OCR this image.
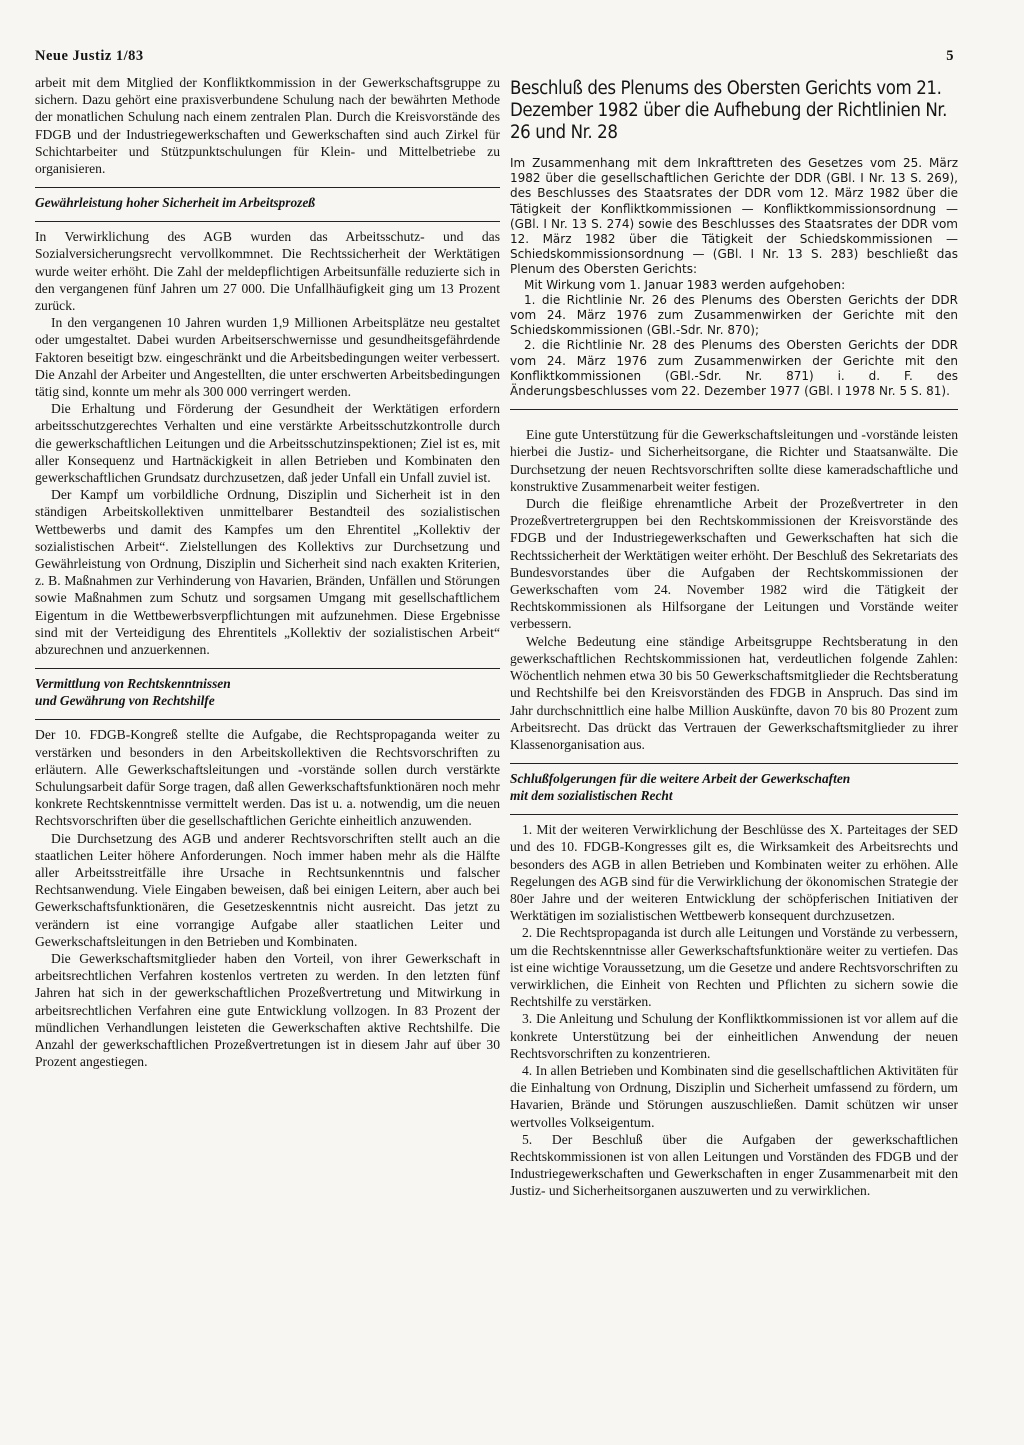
Neue Justiz 1/83	5

arbeit mit dem Mitglied der Konfliktkommission in der Gewerkschaftsgruppe zu sichern. Dazu gehört eine praxisverbundene Schulung nach der bewährten Methode der monatlichen Schulung nach einem zentralen Plan. Durch die Kreisvorstände des FDGB und der Industriegewerkschaften und Gewerkschaften sind auch Zirkel für Schichtarbeiter und Stützpunktschulungen für Klein- und Mittelbetriebe zu organisieren.

Gewährleistung hoher Sicherheit im Arbeitsprozeß

In Verwirklichung des AGB wurden das Arbeitsschutz- und das Sozialversicherungsrecht vervollkommnet. Die Rechtssicherheit der Werktätigen wurde weiter erhöht. Die Zahl der meldepflichtigen Arbeitsunfälle reduzierte sich in den vergangenen fünf Jahren um 27 000. Die Unfallhäufigkeit ging um 13 Prozent zurück.

In den vergangenen 10 Jahren wurden 1,9 Millionen Arbeitsplätze neu gestaltet oder umgestaltet. Dabei wurden Arbeitserschwernisse und gesundheitsgefährdende Faktoren beseitigt bzw. eingeschränkt und die Arbeitsbedingungen weiter verbessert. Die Anzahl der Arbeiter und Angestellten, die unter erschwerten Arbeitsbedingungen tätig sind, konnte um mehr als 300 000 verringert werden.

Die Erhaltung und Förderung der Gesundheit der Werktätigen erfordern arbeitsschutzgerechtes Verhalten und eine verstärkte Arbeitsschutzkontrolle durch die gewerkschaftlichen Leitungen und die Arbeitsschutzinspektionen; Ziel ist es, mit aller Konsequenz und Hartnäckigkeit in allen Betrieben und Kombinaten den gewerkschaftlichen Grundsatz durchzusetzen, daß jeder Unfall ein Unfall zuviel ist.

Der Kampf um vorbildliche Ordnung, Disziplin und Sicherheit ist in den ständigen Arbeitskollektiven unmittelbarer Bestandteil des sozialistischen Wettbewerbs und damit des Kampfes um den Ehrentitel „Kollektiv der sozialistischen Arbeit“. Zielstellungen des Kollektivs zur Durchsetzung und Gewährleistung von Ordnung, Disziplin und Sicherheit sind nach exakten Kriterien, z. B. Maßnahmen zur Verhinderung von Havarien, Bränden, Unfällen und Störungen sowie Maßnahmen zum Schutz und sorgsamen Umgang mit gesellschaftlichem Eigentum in die Wettbewerbsverpflichtungen mit aufzunehmen. Diese Ergebnisse sind mit der Verteidigung des Ehrentitels „Kollektiv der sozialistischen Arbeit“ abzurechnen und anzuerkennen.

Vermittlung von Rechtskenntnissen
und Gewährung von Rechtshilfe

Der 10. FDGB-Kongreß stellte die Aufgabe, die Rechtspropaganda weiter zu verstärken und besonders in den Arbeitskollektiven die Rechtsvorschriften zu erläutern. Alle Gewerkschaftsleitungen und -vorstände sollen durch verstärkte Schulungsarbeit dafür Sorge tragen, daß allen Gewerkschaftsfunktionären noch mehr konkrete Rechtskenntnisse vermittelt werden. Das ist u. a. notwendig, um die neuen Rechtsvorschriften über die gesellschaftlichen Gerichte einheitlich anzuwenden.

Die Durchsetzung des AGB und anderer Rechtsvorschriften stellt auch an die staatlichen Leiter höhere Anforderungen. Noch immer haben mehr als die Hälfte aller Arbeitsstreitfälle ihre Ursache in Rechtsunkenntnis und falscher Rechtsanwendung. Viele Eingaben beweisen, daß bei einigen Leitern, aber auch bei Gewerkschaftsfunktionären, die Gesetzeskenntnis nicht ausreicht. Das jetzt zu verändern ist eine vorrangige Aufgabe aller staatlichen Leiter und Gewerkschaftsleitungen in den Betrieben und Kombinaten.

Die Gewerkschaftsmitglieder haben den Vorteil, von ihrer Gewerkschaft in arbeitsrechtlichen Verfahren kostenlos vertreten zu werden. In den letzten fünf Jahren hat sich in der gewerkschaftlichen Prozeßvertretung und Mitwirkung in arbeitsrechtlichen Verfahren eine gute Entwicklung vollzogen. In 83 Prozent der mündlichen Verhandlungen leisteten die Gewerkschaften aktive Rechtshilfe. Die Anzahl der gewerkschaftlichen Prozeßvertretungen ist in diesem Jahr auf über 30 Prozent angestiegen.

Beschluß des Plenums des Obersten Gerichts vom 21. Dezember 1982 über die Aufhebung der Richtlinien Nr. 26 und Nr. 28

Im Zusammenhang mit dem Inkrafttreten des Gesetzes vom 25. März 1982 über die gesellschaftlichen Gerichte der DDR (GBl. I Nr. 13 S. 269), des Beschlusses des Staatsrates der DDR vom 12. März 1982 über die Tätigkeit der Konfliktkommissionen — Konfliktkommissionsordnung — (GBl. I Nr. 13 S. 274) sowie des Beschlusses des Staatsrates der DDR vom 12. März 1982 über die Tätigkeit der Schiedskommissionen — Schiedskommissionsordnung — (GBl. I Nr. 13 S. 283) beschließt das Plenum des Obersten Gerichts:

Mit Wirkung vom 1. Januar 1983 werden aufgehoben:

1. die Richtlinie Nr. 26 des Plenums des Obersten Gerichts der DDR vom 24. März 1976 zum Zusammenwirken der Gerichte mit den Schiedskommissionen (GBl.-Sdr. Nr. 870);

2. die Richtlinie Nr. 28 des Plenums des Obersten Gerichts der DDR vom 24. März 1976 zum Zusammenwirken der Gerichte mit den Konfliktkommissionen (GBl.-Sdr. Nr. 871) i. d. F. des Änderungsbeschlusses vom 22. Dezember 1977 (GBl. I 1978 Nr. 5 S. 81).

Eine gute Unterstützung für die Gewerkschaftsleitungen und -vorstände leisten hierbei die Justiz- und Sicherheitsorgane, die Richter und Staatsanwälte. Die Durchsetzung der neuen Rechtsvorschriften sollte diese kameradschaftliche und konstruktive Zusammenarbeit weiter festigen.

Durch die fleißige ehrenamtliche Arbeit der Prozeßvertreter in den Prozeßvertretergruppen bei den Rechtskommissionen der Kreisvorstände des FDGB und der Industriegewerkschaften und Gewerkschaften hat sich die Rechtssicherheit der Werktätigen weiter erhöht. Der Beschluß des Sekretariats des Bundesvorstandes über die Aufgaben der Rechtskommissionen der Gewerkschaften vom 24. November 1982 wird die Tätigkeit der Rechtskommissionen als Hilfsorgane der Leitungen und Vorstände weiter verbessern.

Welche Bedeutung eine ständige Arbeitsgruppe Rechtsberatung in den gewerkschaftlichen Rechtskommissionen hat, verdeutlichen folgende Zahlen: Wöchentlich nehmen etwa 30 bis 50 Gewerkschaftsmitglieder die Rechtsberatung und Rechtshilfe bei den Kreisvorständen des FDGB in Anspruch. Das sind im Jahr durchschnittlich eine halbe Million Auskünfte, davon 70 bis 80 Prozent zum Arbeitsrecht. Das drückt das Vertrauen der Gewerkschaftsmitglieder zu ihrer Klassenorganisation aus.

Schlußfolgerungen für die weitere Arbeit der Gewerkschaften
mit dem sozialistischen Recht

1. Mit der weiteren Verwirklichung der Beschlüsse des X. Parteitages der SED und des 10. FDGB-Kongresses gilt es, die Wirksamkeit des Arbeitsrechts und besonders des AGB in allen Betrieben und Kombinaten weiter zu erhöhen. Alle Regelungen des AGB sind für die Verwirklichung der ökonomischen Strategie der 80er Jahre und der weiteren Entwicklung der schöpferischen Initiativen der Werktätigen im sozialistischen Wettbewerb konsequent durchzusetzen.

2. Die Rechtspropaganda ist durch alle Leitungen und Vorstände zu verbessern, um die Rechtskenntnisse aller Gewerkschaftsfunktionäre weiter zu vertiefen. Das ist eine wichtige Voraussetzung, um die Gesetze und andere Rechtsvorschriften zu verwirklichen, die Einheit von Rechten und Pflichten zu sichern sowie die Rechtshilfe zu verstärken.

3. Die Anleitung und Schulung der Konfliktkommissionen ist vor allem auf die konkrete Unterstützung bei der einheitlichen Anwendung der neuen Rechtsvorschriften zu konzentrieren.

4. In allen Betrieben und Kombinaten sind die gesellschaftlichen Aktivitäten für die Einhaltung von Ordnung, Disziplin und Sicherheit umfassend zu fördern, um Havarien, Brände und Störungen auszuschließen. Damit schützen wir unser wertvolles Volkseigentum.

5. Der Beschluß über die Aufgaben der gewerkschaftlichen Rechtskommissionen ist von allen Leitungen und Vorständen des FDGB und der Industriegewerkschaften und Gewerkschaften in enger Zusammenarbeit mit den Justiz- und Sicherheitsorganen auszuwerten und zu verwirklichen.
